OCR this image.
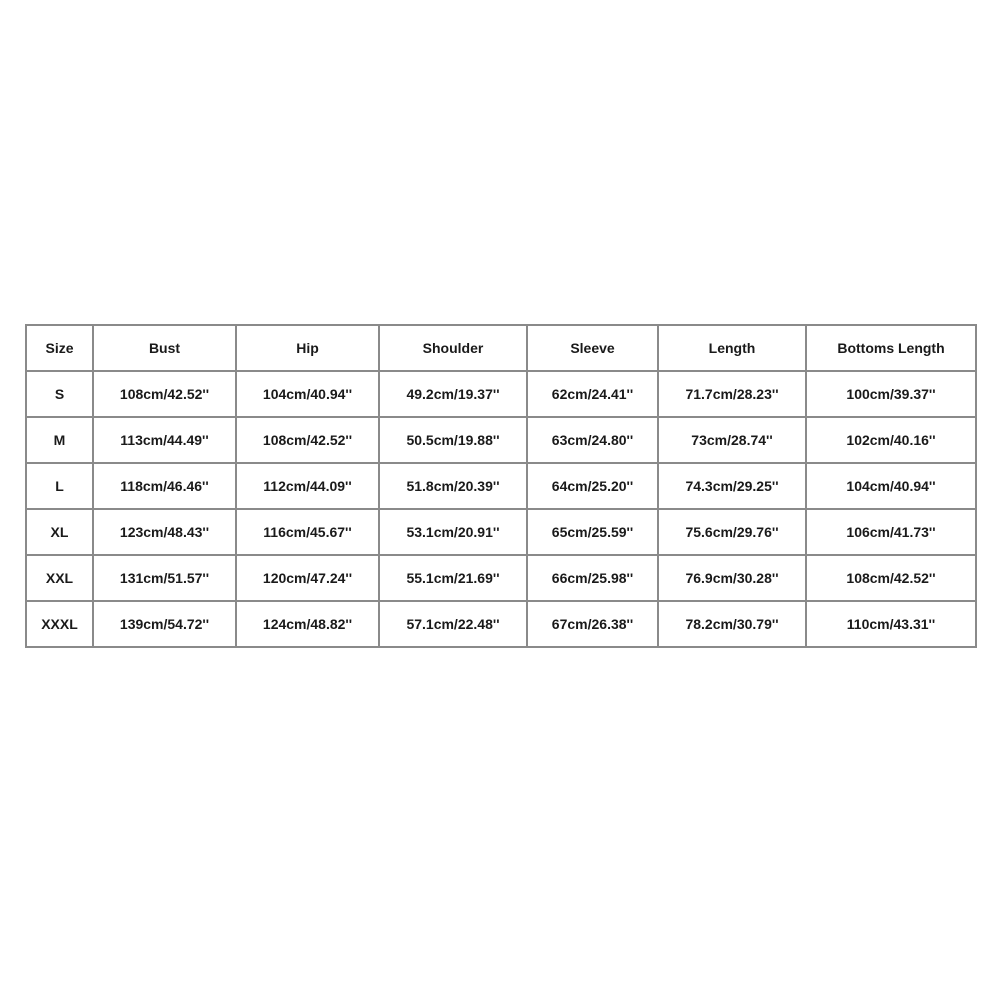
Size	Bust	Hip	Shoulder	Sleeve	Length	Bottoms Length
S	108cm/42.52''	104cm/40.94''	49.2cm/19.37''	62cm/24.41''	71.7cm/28.23''	100cm/39.37''
M	113cm/44.49''	108cm/42.52''	50.5cm/19.88''	63cm/24.80''	73cm/28.74''	102cm/40.16''
L	118cm/46.46''	112cm/44.09''	51.8cm/20.39''	64cm/25.20''	74.3cm/29.25''	104cm/40.94''
XL	123cm/48.43''	116cm/45.67''	53.1cm/20.91''	65cm/25.59''	75.6cm/29.76''	106cm/41.73''
XXL	131cm/51.57''	120cm/47.24''	55.1cm/21.69''	66cm/25.98''	76.9cm/30.28''	108cm/42.52''
XXXL	139cm/54.72''	124cm/48.82''	57.1cm/22.48''	67cm/26.38''	78.2cm/30.79''	110cm/43.31''
